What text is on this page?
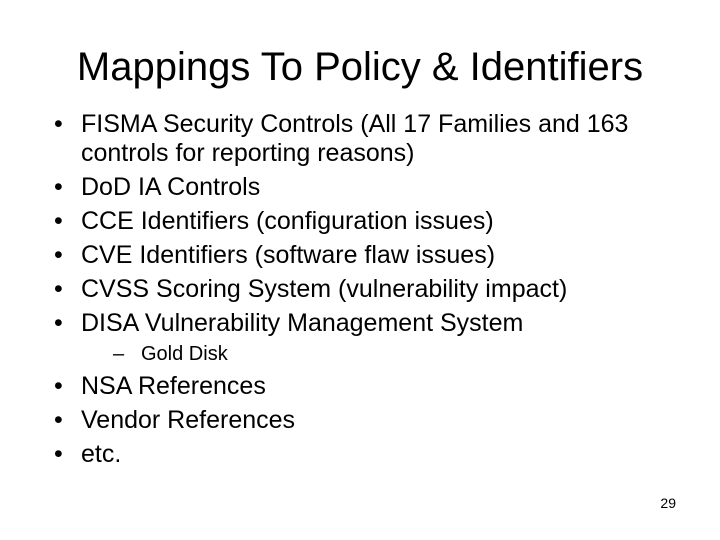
Mappings To Policy & Identifiers
• FISMA Security Controls (All 17 Families and 163 controls for reporting reasons)
• DoD IA Controls
• CCE Identifiers (configuration issues)
• CVE Identifiers (software flaw issues)
• CVSS Scoring System (vulnerability impact)
• DISA Vulnerability Management System
– Gold Disk
• NSA References
• Vendor References
• etc.
29
